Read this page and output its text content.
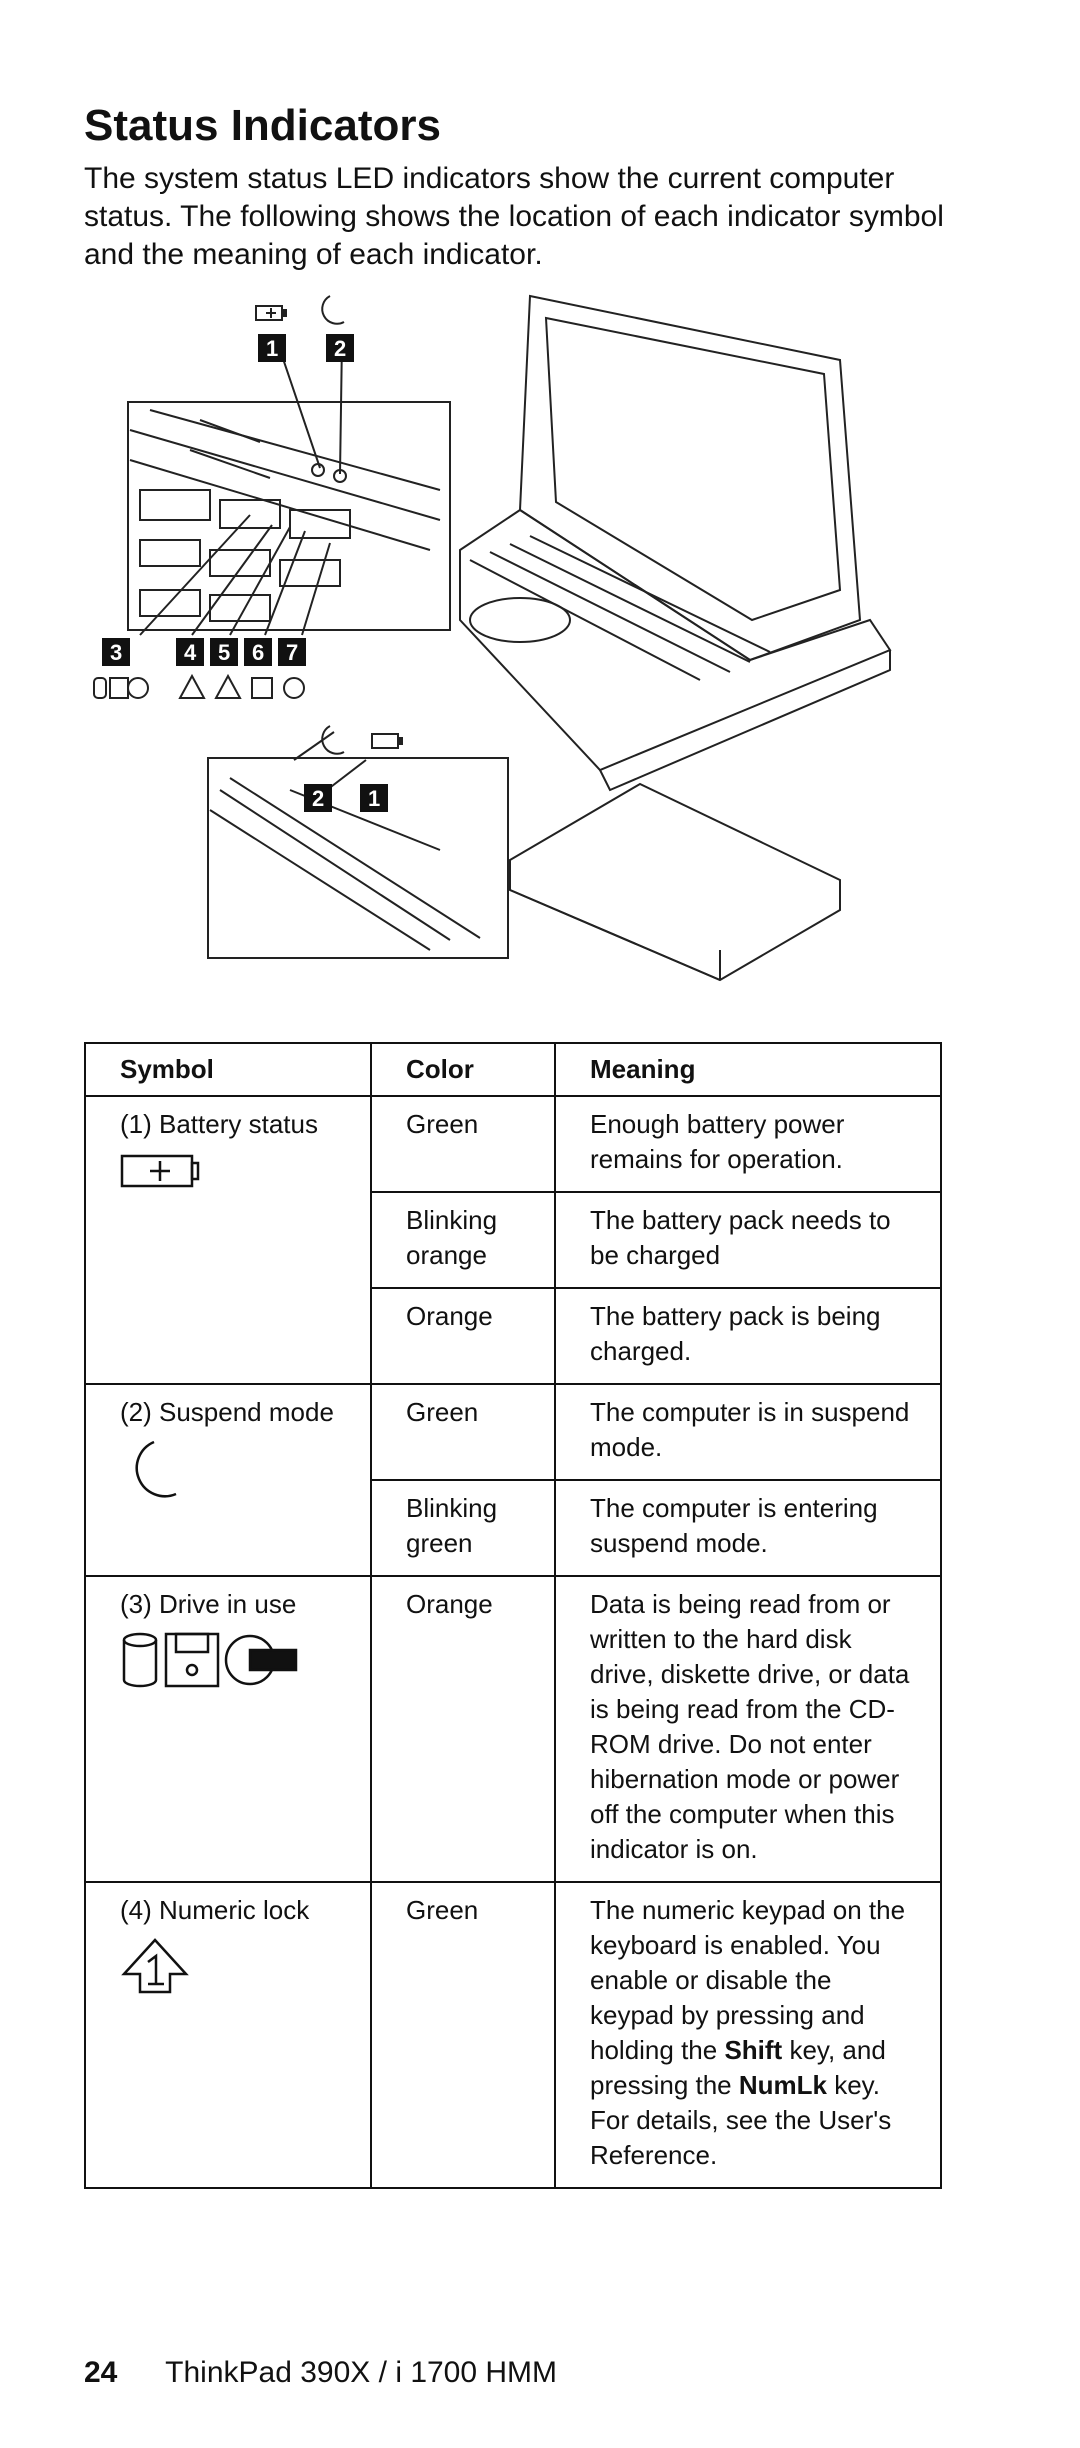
Status Indicators

The system status LED indicators show the current computer status. The following shows the location of each indicator symbol and the meaning of each indicator.

1	2
3	4 5 6 7
2 1
Symbol	Color	Meaning
(1) Battery status	Green	Enough battery power remains for operation.
	Blinking orange	The battery pack needs to be charged
	Orange	The battery pack is being charged.
(2) Suspend mode	Green	The computer is in suspend mode.
	Blinking green	The computer is entering suspend mode.
(3) Drive in use	Orange	Data is being read from or written to the hard disk drive, diskette drive, or data is being read from the CD-ROM drive. Do not enter hibernation mode or power off the computer when this indicator is on.
(4) Numeric lock	Green	The numeric keypad on the keyboard is enabled. You enable or disable the keypad by pressing and holding the Shift key, and pressing the NumLk key. For details, see the User's Reference.
24 ThinkPad 390X / i 1700 HMM
